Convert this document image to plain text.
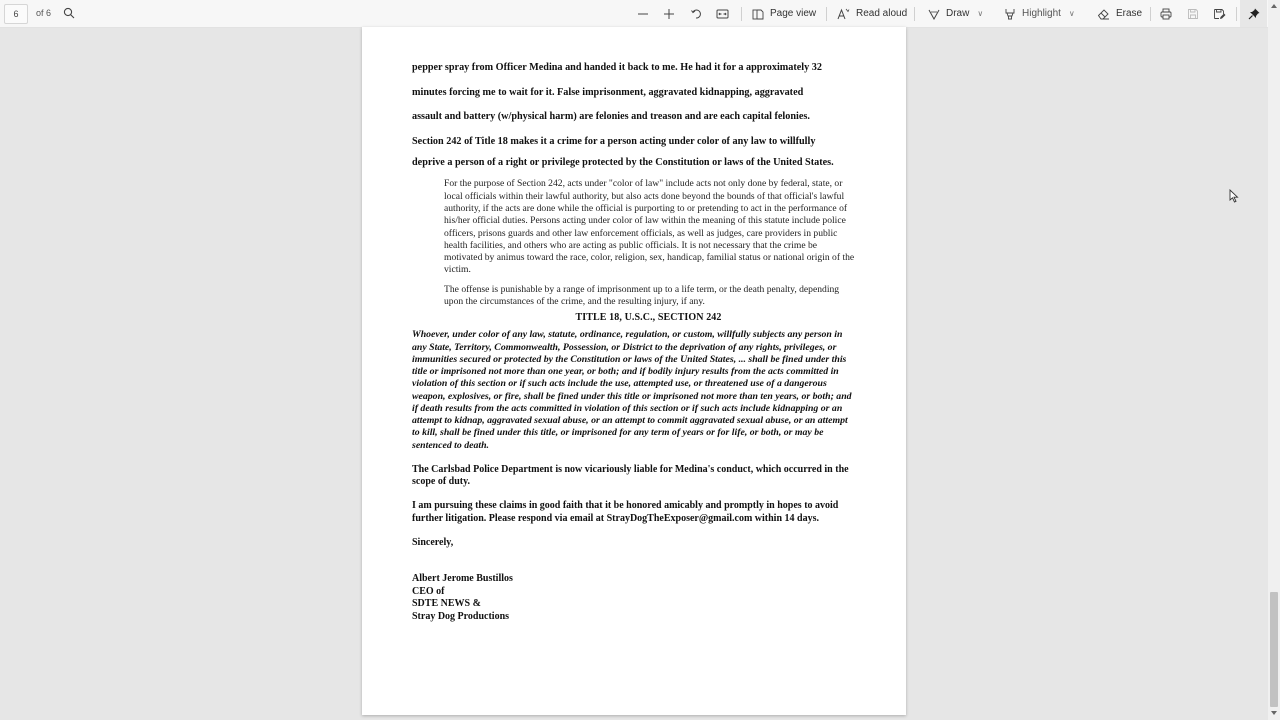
6	of 6	Page view	Read aloud	Draw ∨	Highlight ∨	Erase
pepper spray from Officer Medina and handed it back to me. He had it for a approximately 32
minutes forcing me to wait for it. False imprisonment, aggravated kidnapping, aggravated
assault and battery (w/physical harm) are felonies and treason and are each capital felonies.
Section 242 of Title 18 makes it a crime for a person acting under color of any law to willfully
deprive a person of a right or privilege protected by the Constitution or laws of the United States.

For the purpose of Section 242, acts under "color of law" include acts not only done by federal, state, or local officials within their lawful authority, but also acts done beyond the bounds of that official's lawful authority, if the acts are done while the official is purporting to or pretending to act in the performance of his/her official duties. Persons acting under color of law within the meaning of this statute include police officers, prisons guards and other law enforcement officials, as well as judges, care providers in public health facilities, and others who are acting as public officials. It is not necessary that the crime be motivated by animus toward the race, color, religion, sex, handicap, familial status or national origin of the victim.

The offense is punishable by a range of imprisonment up to a life term, or the death penalty, depending upon the circumstances of the crime, and the resulting injury, if any.

TITLE 18, U.S.C., SECTION 242

Whoever, under color of any law, statute, ordinance, regulation, or custom, willfully subjects any person in any State, Territory, Commonwealth, Possession, or District to the deprivation of any rights, privileges, or immunities secured or protected by the Constitution or laws of the United States, ... shall be fined under this title or imprisoned not more than one year, or both; and if bodily injury results from the acts committed in violation of this section or if such acts include the use, attempted use, or threatened use of a dangerous weapon, explosives, or fire, shall be fined under this title or imprisoned not more than ten years, or both; and if death results from the acts committed in violation of this section or if such acts include kidnapping or an attempt to kidnap, aggravated sexual abuse, or an attempt to commit aggravated sexual abuse, or an attempt to kill, shall be fined under this title, or imprisoned for any term of years or for life, or both, or may be sentenced to death.

The Carlsbad Police Department is now vicariously liable for Medina's conduct, which occurred in the scope of duty.

I am pursuing these claims in good faith that it be honored amicably and promptly in hopes to avoid further litigation. Please respond via email at StrayDogTheExposer@gmail.com within 14 days.

Sincerely,

Albert Jerome Bustillos
CEO of
SDTE NEWS &
Stray Dog Productions
